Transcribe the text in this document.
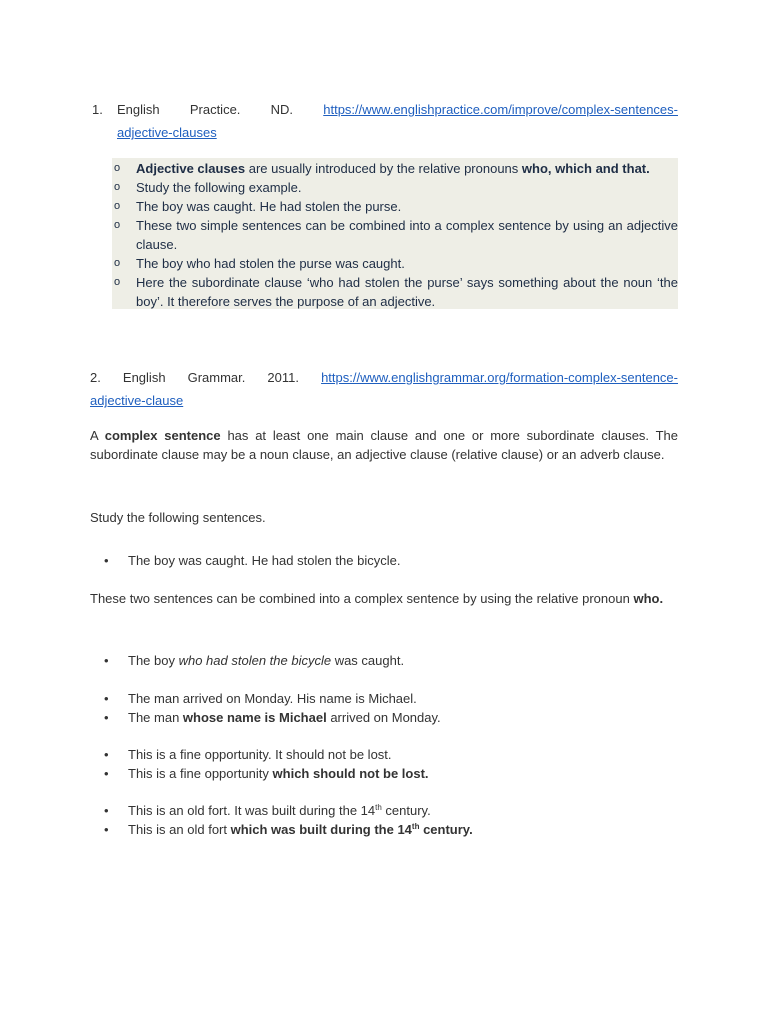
1. English Practice. ND. https://www.englishpractice.com/improve/complex-sentences-
adjective-clauses
o Adjective clauses are usually introduced by the relative pronouns who, which and that.
o Study the following example.
o The boy was caught. He had stolen the purse.
o These two simple sentences can be combined into a complex sentence by using an adjective clause.
o The boy who had stolen the purse was caught.
o Here the subordinate clause ‘who had stolen the purse’ says something about the noun ‘the boy’. It therefore serves the purpose of an adjective.
2. English Grammar. 2011. https://www.englishgrammar.org/formation-complex-sentence-
adjective-clause
A complex sentence has at least one main clause and one or more subordinate clauses. The subordinate clause may be a noun clause, an adjective clause (relative clause) or an adverb clause.
Study the following sentences.
• The boy was caught. He had stolen the bicycle.
These two sentences can be combined into a complex sentence by using the relative pronoun who.
• The boy who had stolen the bicycle was caught.
• The man arrived on Monday. His name is Michael.
• The man whose name is Michael arrived on Monday.
• This is a fine opportunity. It should not be lost.
• This is a fine opportunity which should not be lost.
• This is an old fort. It was built during the 14th century.
• This is an old fort which was built during the 14th century.
